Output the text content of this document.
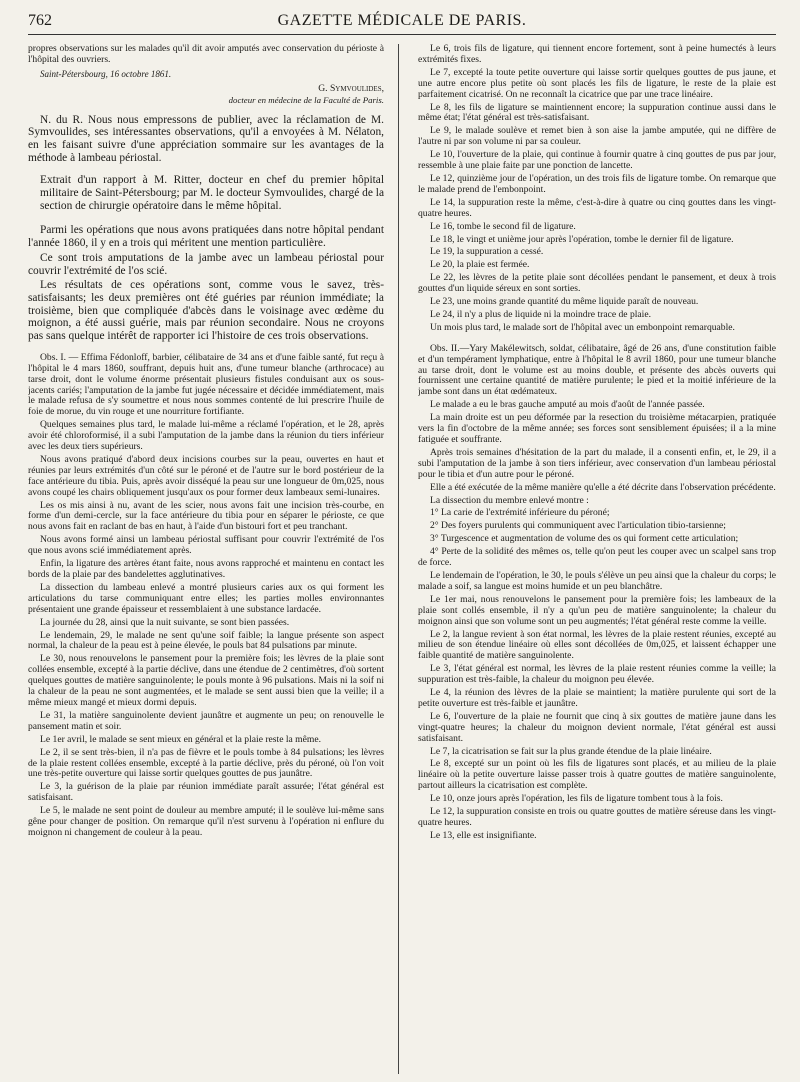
762	GAZETTE MÉDICALE DE PARIS.

propres observations sur les malades qu'il dit avoir amputés avec conservation du périoste à l'hôpital des ouvriers.

Saint-Pétersbourg, 16 octobre 1861.

G. Symvoulides,

docteur en médecine de la Faculté de Paris.

N. du R. Nous nous empressons de publier, avec la réclamation de M. Symvoulides, ses intéressantes observations, qu'il a envoyées à M. Nélaton, en les faisant suivre d'une appréciation sommaire sur les avantages de la méthode à lambeau périostal.

Extrait d'un rapport à M. Ritter, docteur en chef du premier hôpital militaire de Saint-Pétersbourg; par M. le docteur Symvoulides, chargé de la section de chirurgie opératoire dans le même hôpital.

Parmi les opérations que nous avons pratiquées dans notre hôpital pendant l'année 1860, il y en a trois qui méritent une mention particulière.

Ce sont trois amputations de la jambe avec un lambeau périostal pour couvrir l'extrémité de l'os scié.

Les résultats de ces opérations sont, comme vous le savez, très-satisfaisants; les deux premières ont été guéries par réunion immédiate; la troisième, bien que compliquée d'abcès dans le voisinage avec œdème du moignon, a été aussi guérie, mais par réunion secondaire. Nous ne croyons pas sans quelque intérêt de rapporter ici l'histoire de ces trois observations.

Obs. I. — Effima Fédonloff, barbier, célibataire de 34 ans et d'une faible santé, fut reçu à l'hôpital le 4 mars 1860, souffrant, depuis huit ans, d'une tumeur blanche (arthrocace) au tarse droit, dont le volume énorme présentait plusieurs fistules conduisant aux os sous-jacents cariés; l'amputation de la jambe fut jugée nécessaire et décidée immédiatement, mais le malade refusa de s'y soumettre et nous nous sommes contenté de lui prescrire l'huile de foie de morue, du vin rouge et une nourriture fortifiante.

Quelques semaines plus tard, le malade lui-même a réclamé l'opération, et le 28, après avoir été chloroformisé, il a subi l'amputation de la jambe dans la réunion du tiers inférieur avec les deux tiers supérieurs.

Nous avons pratiqué d'abord deux incisions courbes sur la peau, ouvertes en haut et réunies par leurs extrémités d'un côté sur le péroné et de l'autre sur le bord postérieur de la face antérieure du tibia. Puis, après avoir disséqué la peau sur une longueur de 0m,025, nous avons coupé les chairs obliquement jusqu'aux os pour former deux lambeaux semi-lunaires.

Les os mis ainsi à nu, avant de les scier, nous avons fait une incision très-courbe, en forme d'un demi-cercle, sur la face antérieure du tibia pour en séparer le périoste, ce que nous avons fait en raclant de bas en haut, à l'aide d'un bistouri fort et peu tranchant.

Nous avons formé ainsi un lambeau périostal suffisant pour couvrir l'extrémité de l'os que nous avons scié immédiatement après.

Enfin, la ligature des artères étant faite, nous avons rapproché et maintenu en contact les bords de la plaie par des bandelettes agglutinatives.

La dissection du lambeau enlevé a montré plusieurs caries aux os qui forment les articulations du tarse communiquant entre elles; les parties molles environnantes présentaient une grande épaisseur et ressemblaient à une substance lardacée.

La journée du 28, ainsi que la nuit suivante, se sont bien passées.

Le lendemain, 29, le malade ne sent qu'une soif faible; la langue présente son aspect normal, la chaleur de la peau est à peine élevée, le pouls bat 84 pulsations par minute.

Le 30, nous renouvelons le pansement pour la première fois; les lèvres de la plaie sont collées ensemble, excepté à la partie déclive, dans une étendue de 2 centimètres, d'où sortent quelques gouttes de matière sanguinolente; le pouls monte à 96 pulsations. Mais ni la soif ni la chaleur de la peau ne sont augmentées, et le malade se sent aussi bien que la veille; il a même mieux mangé et mieux dormi depuis.

Le 31, la matière sanguinolente devient jaunâtre et augmente un peu; on renouvelle le pansement matin et soir.

Le 1er avril, le malade se sent mieux en général et la plaie reste la même.

Le 2, il se sent très-bien, il n'a pas de fièvre et le pouls tombe à 84 pulsations; les lèvres de la plaie restent collées ensemble, excepté à la partie déclive, près du péroné, où l'on voit une très-petite ouverture qui laisse sortir quelques gouttes de pus jaunâtre.

Le 3, la guérison de la plaie par réunion immédiate paraît assurée; l'état général est satisfaisant.

Le 5, le malade ne sent point de douleur au membre amputé; il le soulève lui-même sans gêne pour changer de position. On remarque qu'il n'est survenu à l'opération ni enflure du moignon ni changement de couleur à la peau.

Le 6, trois fils de ligature, qui tiennent encore fortement, sont à peine humectés à leurs extrémités fixes.

Le 7, excepté la toute petite ouverture qui laisse sortir quelques gouttes de pus jaune, et une autre encore plus petite où sont placés les fils de ligature, le reste de la plaie est parfaitement cicatrisé. On ne reconnaît la cicatrice que par une trace linéaire.

Le 8, les fils de ligature se maintiennent encore; la suppuration continue aussi dans le même état; l'état général est très-satisfaisant.

Le 9, le malade soulève et remet bien à son aise la jambe amputée, qui ne diffère de l'autre ni par son volume ni par sa couleur.

Le 10, l'ouverture de la plaie, qui continue à fournir quatre à cinq gouttes de pus par jour, ressemble à une plaie faite par une ponction de lancette.

Le 12, quinzième jour de l'opération, un des trois fils de ligature tombe. On remarque que le malade prend de l'embonpoint.

Le 14, la suppuration reste la même, c'est-à-dire à quatre ou cinq gouttes dans les vingt-quatre heures.

Le 16, tombe le second fil de ligature.

Le 18, le vingt et unième jour après l'opération, tombe le dernier fil de ligature.

Le 19, la suppuration a cessé.

Le 20, la plaie est fermée.

Le 22, les lèvres de la petite plaie sont décollées pendant le pansement, et deux à trois gouttes d'un liquide séreux en sont sorties.

Le 23, une moins grande quantité du même liquide paraît de nouveau.

Le 24, il n'y a plus de liquide ni la moindre trace de plaie.

Un mois plus tard, le malade sort de l'hôpital avec un embonpoint remarquable.

Obs. II.—Yary Makélewitsch, soldat, célibataire, âgé de 26 ans, d'une constitution faible et d'un tempérament lymphatique, entre à l'hôpital le 8 avril 1860, pour une tumeur blanche au tarse droit, dont le volume est au moins double, et présente des abcès ouverts qui fournissent une certaine quantité de matière purulente; le pied et la moitié inférieure de la jambe sont dans un état œdémateux.

Le malade a eu le bras gauche amputé au mois d'août de l'année passée.

La main droite est un peu déformée par la resection du troisième métacarpien, pratiquée vers la fin d'octobre de la même année; ses forces sont sensiblement épuisées; il a la mine fatiguée et souffrante.

Après trois semaines d'hésitation de la part du malade, il a consenti enfin, et, le 29, il a subi l'amputation de la jambe à son tiers inférieur, avec conservation d'un lambeau périostal pour le tibia et d'un autre pour le péroné.

Elle a été exécutée de la même manière qu'elle a été décrite dans l'observation précédente.

La dissection du membre enlevé montre :

1° La carie de l'extrémité inférieure du péroné;

2° Des foyers purulents qui communiquent avec l'articulation tibio-tarsienne;

3° Turgescence et augmentation de volume des os qui forment cette articulation;

4° Perte de la solidité des mêmes os, telle qu'on peut les couper avec un scalpel sans trop de force.

Le lendemain de l'opération, le 30, le pouls s'élève un peu ainsi que la chaleur du corps; le malade a soif, sa langue est moins humide et un peu blanchâtre.

Le 1er mai, nous renouvelons le pansement pour la première fois; les lambeaux de la plaie sont collés ensemble, il n'y a qu'un peu de matière sanguinolente; la chaleur du moignon ainsi que son volume sont un peu augmentés; l'état général reste comme la veille.

Le 2, la langue revient à son état normal, les lèvres de la plaie restent réunies, excepté au milieu de son étendue linéaire où elles sont décollées de 0m,025, et laissent échapper une faible quantité de matière sanguinolente.

Le 3, l'état général est normal, les lèvres de la plaie restent réunies comme la veille; la suppuration est très-faible, la chaleur du moignon peu élevée.

Le 4, la réunion des lèvres de la plaie se maintient; la matière purulente qui sort de la petite ouverture est très-faible et jaunâtre.

Le 6, l'ouverture de la plaie ne fournit que cinq à six gouttes de matière jaune dans les vingt-quatre heures; la chaleur du moignon devient normale, l'état général est aussi satisfaisant.

Le 7, la cicatrisation se fait sur la plus grande étendue de la plaie linéaire.

Le 8, excepté sur un point où les fils de ligatures sont placés, et au milieu de la plaie linéaire où la petite ouverture laisse passer trois à quatre gouttes de matière sanguinolente, partout ailleurs la cicatrisation est complète.

Le 10, onze jours après l'opération, les fils de ligature tombent tous à la fois.

Le 12, la suppuration consiste en trois ou quatre gouttes de matière séreuse dans les vingt-quatre heures.

Le 13, elle est insignifiante.
